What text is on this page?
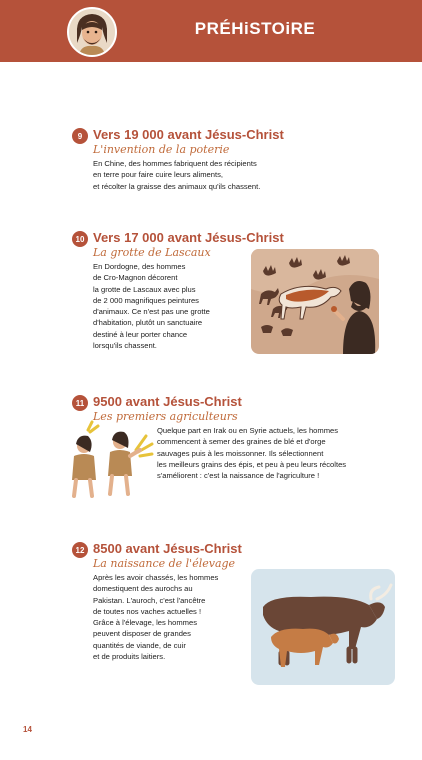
PRÉHiSTOiRE
9 Vers 19 000 avant Jésus-Christ
L'invention de la poterie
En Chine, des hommes fabriquent des récipients
en terre pour faire cuire leurs aliments,
et récolter la graisse des animaux qu'ils chassent.
10 Vers 17 000 avant Jésus-Christ
La grotte de Lascaux
En Dordogne, des hommes
de Cro-Magnon décorent
la grotte de Lascaux avec plus
de 2 000 magnifiques peintures
d'animaux. Ce n'est pas une grotte
d'habitation, plutôt un sanctuaire
destiné à leur porter chance
lorsqu'ils chassent.
11 9500 avant Jésus-Christ
Les premiers agriculteurs
Quelque part en Irak ou en Syrie actuels, les hommes
commencent à semer des graines de blé et d'orge
sauvages puis à les moissonner. Ils sélectionnent
les meilleurs grains des épis, et peu à peu leurs récoltes
s'améliorent : c'est la naissance de l'agriculture !
12 8500 avant Jésus-Christ
La naissance de l'élevage
Après les avoir chassés, les hommes
domestiquent des aurochs au
Pakistan. L'auroch, c'est l'ancêtre
de toutes nos vaches actuelles !
Grâce à l'élevage, les hommes
peuvent disposer de grandes
quantités de viande, de cuir
et de produits laitiers.
14
